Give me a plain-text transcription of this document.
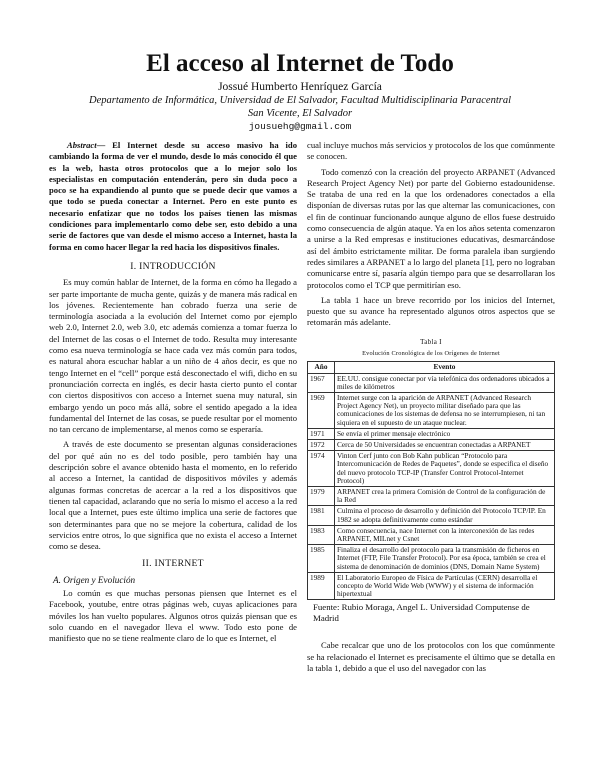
El acceso al Internet de Todo
Jossué Humberto Henríquez García
Departamento de Informática, Universidad de El Salvador, Facultad Multidisciplinaria Paracentral
San Vicente, El Salvador
jousuehg@gmail.com

Abstract— El Internet desde su acceso masivo ha ido cambiando la forma de ver el mundo, desde lo más conocido él que es la web, hasta otros protocolos que a lo mejor solo los especialistas en computación entenderán, pero sin duda poco a poco se ha expandiendo al punto que se puede decir que vamos a que todo se pueda conectar a Internet. Pero en este punto es necesario enfatizar que no todos los países tienen las mismas condiciones para implementarlo como debe ser, esto debido a una serie de factores que van desde el mismo acceso a Internet, hasta la forma en como hacer llegar la red hacia los dispositivos finales.

I. INTRODUCCIÓN

Es muy común hablar de Internet, de la forma en cómo ha llegado a ser parte importante de mucha gente, quizás y de manera más radical en los jóvenes. Recientemente han cobrado fuerza una serie de terminología asociada a la evolución del Internet como por ejemplo web 2.0, Internet 2.0, web 3.0, etc además comienza a tomar fuerza lo del Internet de las cosas o el Internet de todo. Resulta muy interesante como esa nueva terminología se hace cada vez más común para todos, es natural ahora escuchar hablar a un niño de 4 años decir, es que no tengo Internet en el “cell” porque está desconectado el wifi, dicho en su pronunciación correcta en inglés, es decir hasta cierto punto el contar con ciertos dispositivos con acceso a Internet suena muy natural, sin embargo yendo un poco más allá, sobre el sentido apegado a la idea fundamental del Internet de las cosas, se puede resultar por el momento no tan cercano de implementarse, al menos como se esperaría.

A través de este documento se presentan algunas consideraciones del por qué aún no es del todo posible, pero también hay una descripción sobre el avance obtenido hasta el momento, en lo referido al acceso a Internet, la cantidad de dispositivos móviles y además algunas formas concretas de acercar a la red a los dispositivos que tienen tal capacidad, aclarando que no sería lo mismo el acceso a la red local que a Internet, pues este último implica una serie de factores que son determinantes para que no se mejore la cobertura, calidad de los servicios entre otros, lo que significa que no exista el acceso a Internet como se desea.

II. INTERNET
A. Origen y Evolución

Lo común es que muchas personas piensen que Internet es el Facebook, youtube, entre otras páginas web, cuyas aplicaciones para móviles los han vuelto populares. Algunos otros quizás piensan que es solo cuando en el navegador lleva el www. Todo esto pone de manifiesto que no se tiene realmente claro de lo que es Internet, el

cual incluye muchos más servicios y protocolos de los que comúnmente se conocen.

Todo comenzó con la creación del proyecto ARPANET (Advanced Research Project Agency Net) por parte del Gobierno estadounidense. Se trataba de una red en la que los ordenadores conectados a ella disponían de diversas rutas por las que alternar las comunicaciones, con el fin de continuar funcionando aunque alguno de ellos fuese destruido como consecuencia de algún ataque. Ya en los años setenta comenzaron a unirse a la Red empresas e instituciones educativas, desmarcándose así del ámbito estrictamente militar. De forma paralela iban surgiendo redes similares a ARPANET a lo largo del planeta [1], pero no lograban comunicarse entre sí, pasaría algún tiempo para que se desarrollaran los protocolos como el TCP que permitirían eso.

La tabla 1 hace un breve recorrido por los inicios del Internet, puesto que su avance ha representado algunos otros aspectos que se retomarán más adelante.

Tabla I
Evolución Cronológica de los Orígenes de Internet
Año	Evento
1967	EE.UU. consigue conectar por vía telefónica dos ordenadores ubicados a miles de kilómetros
1969	Internet surge con la aparición de ARPANET (Advanced Research Project Agency Net), un proyecto militar diseñado para que las comunicaciones de los sistemas de defensa no se interrumpiesen, ni tan siquiera en el supuesto de un ataque nuclear.
1971	Se envía el primer mensaje electrónico
1972	Cerca de 50 Universidades se encuentran conectadas a ARPANET
1974	Vinton Cerf junto con Bob Kahn publican “Protocolo para Intercomunicación de Redes de Paquetes”, donde se especifica el diseño del nuevo protocolo TCP-IP (Transfer Control Protocol-Internet Protocol)
1979	ARPANET crea la primera Comisión de Control de la configuración de la Red
1981	Culmina el proceso de desarrollo y definición del Protocolo TCP/IP. En 1982 se adopta definitivamente como estándar
1983	Como consecuencia, nace Internet con la interconexión de las redes ARPANET, MILnet y Csnet
1985	Finaliza el desarrollo del protocolo para la transmisión de ficheros en Internet (FTP, File Transfer Protocol). Por esa época, también se crea el sistema de denominación de dominios (DNS, Domain Name System)
1989	El Laboratorio Europeo de Física de Partículas (CERN) desarrolla el concepto de World Wide Web (WWW) y el sistema de información hipertextual
Fuente: Rubio Moraga, Angel L. Universidad Computense de Madrid

Cabe recalcar que uno de los protocolos con los que comúnmente se ha relacionado el Internet es precisamente el último que se detalla en la tabla 1, debido a que el uso del navegador con las
